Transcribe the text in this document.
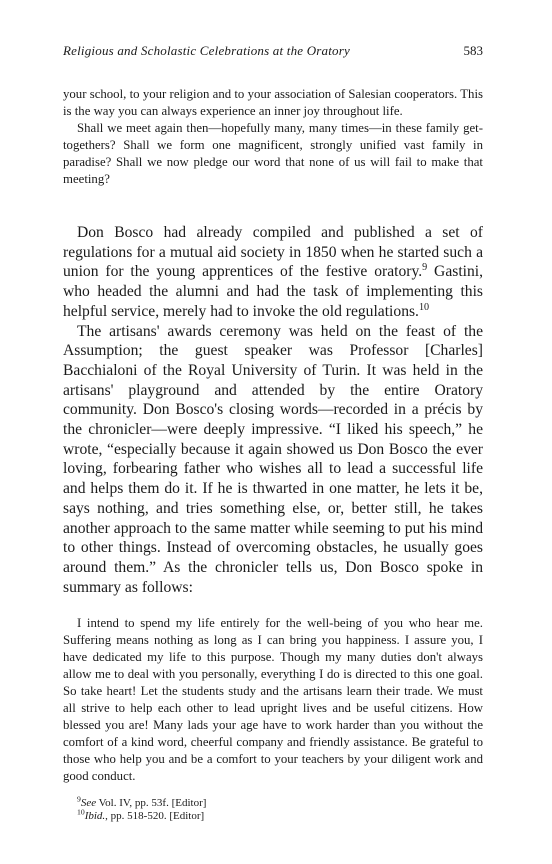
Religious and Scholastic Celebrations at the Oratory	583

your school, to your religion and to your association of Salesian cooperators. This is the way you can always experience an inner joy throughout life.

Shall we meet again then—hopefully many, many times—in these family get-togethers? Shall we form one magnificent, strongly unified vast family in paradise? Shall we now pledge our word that none of us will fail to make that meeting?

Don Bosco had already compiled and published a set of regulations for a mutual aid society in 1850 when he started such a union for the young apprentices of the festive oratory.$^9$ Gastini, who headed the alumni and had the task of implementing this helpful service, merely had to invoke the old regulations.$^{10}$

The artisans' awards ceremony was held on the feast of the Assumption; the guest speaker was Professor [Charles] Bacchialoni of the Royal University of Turin. It was held in the artisans' playground and attended by the entire Oratory community. Don Bosco's closing words—recorded in a précis by the chronicler—were deeply impressive. “I liked his speech,” he wrote, “especially because it again showed us Don Bosco the ever loving, forbearing father who wishes all to lead a successful life and helps them do it. If he is thwarted in one matter, he lets it be, says nothing, and tries something else, or, better still, he takes another approach to the same matter while seeming to put his mind to other things. Instead of overcoming obstacles, he usually goes around them.” As the chronicler tells us, Don Bosco spoke in summary as follows:

I intend to spend my life entirely for the well-being of you who hear me. Suffering means nothing as long as I can bring you happiness. I assure you, I have dedicated my life to this purpose. Though my many duties don't always allow me to deal with you personally, everything I do is directed to this one goal. So take heart! Let the students study and the artisans learn their trade. We must all strive to help each other to lead upright lives and be useful citizens. How blessed you are! Many lads your age have to work harder than you without the comfort of a kind word, cheerful company and friendly assistance. Be grateful to those who help you and be a comfort to your teachers by your diligent work and good conduct.

$^9$See Vol. IV, pp. 53f. [Editor]
$^{10}$Ibid., pp. 518-520. [Editor]
